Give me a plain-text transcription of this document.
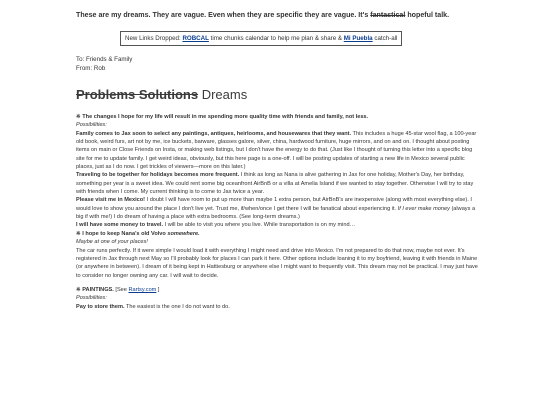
These are my dreams. They are vague. Even when they are specific they are vague. It's fantastical hopeful talk.

New Links Dropped: ROBCAL time chunks calendar to help me plan & share & Mi Puebla catch-all
To: Friends & Family
From: Rob
Problems Solutions Dreams

※ The changes I hope for my life will result in me spending more quality time with friends and family, not less.
Possibilities:
Family comes to Jax soon to select any paintings, antiques, heirlooms, and housewares that they want. This includes a huge 45-star wool flag, a 100-year old book, weird furs, art not by me, ice buckets, barware, glasses galore, silver, china, hardwood furniture, huge mirrors, and on and on. I thought about posting items on main or Close Friends on Insta, or making web listings, but I don't have the energy to do that. (Just like I thought of turning this letter into a specific blog site for me to update family. I get weird ideas, obviously, but this here page is a one-off. I will be posting updates of starting a new life in Mexico several public places, just as I do now. I get trickles of viewers—more on this later.)
Traveling to be together for holidays becomes more frequent. I think as long as Nana is alive gathering in Jax for one holiday, Mother's Day, her birthday, something per year is a sweet idea. We could rent some big oceanfront AirBnB or a villa at Amelia Island if we wanted to stay together. Otherwise I will try to stay with friends when I come. My current thinking is to come to Jax twice a year.
Please visit me in Mexico! I doubt I will have room to put up more than maybe 1 extra person, but AirBnB's are inexpensive (along with most everything else). I would love to show you around the place I don't live yet. Trust me, if/when/once I get there I will be fanatical about experiencing it. If I ever make money (always a big if with me!) I do dream of having a place with extra bedrooms. (See long-term dreams.)
I will have some money to travel. I will be able to visit you where you live. While transportation is on my mind…
※ I hope to keep Nana's old Volvo somewhere.
Maybe at one of your places!
The car runs perfectly. If it were simple I would load it with everything I might need and drive into Mexico. I'm not prepared to do that now, maybe not ever. It's registered in Jax through next May so I'll probably look for places I can park it here. Other options include loaning it to my boyfriend, leaving it with friends in Maine (or anywhere in between). I dream of it being kept in Hattiesburg or anywhere else I might want to frequently visit. This dream may not be practical. I may just have to consider no longer owning any car. I will wait to decide.

※ PAINTINGS. [See Rartsy.com ]
Possibilities:
Pay to store them. The easiest is the one I do not want to do.
